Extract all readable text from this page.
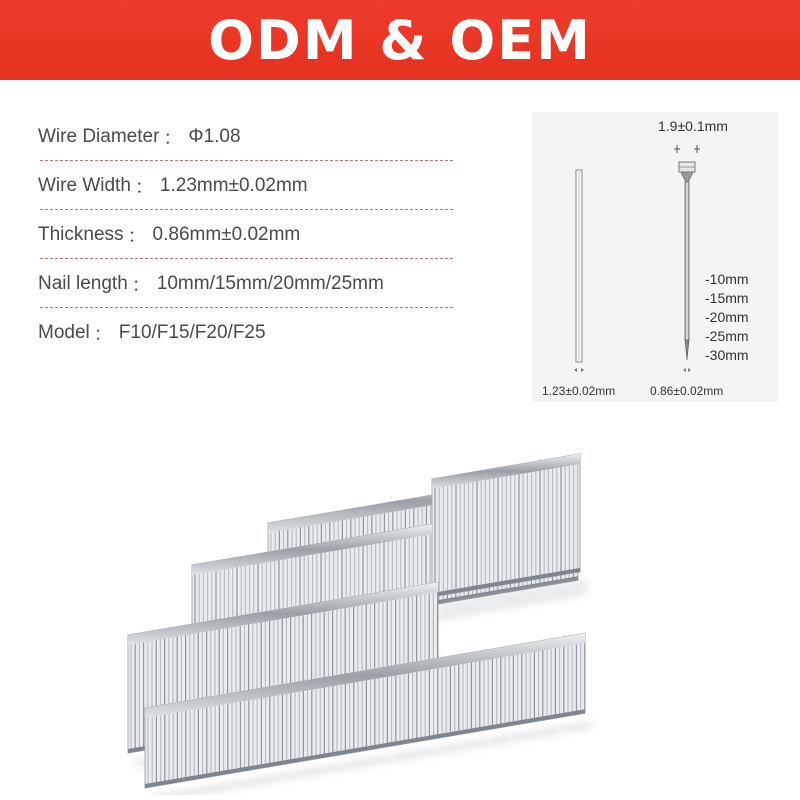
ODM & OEM
Wire Diameter ： Φ1.08
Wire Width ： 1.23mm±0.02mm
Thickness ： 0.86mm±0.02mm
Nail length ： 10mm/15mm/20mm/25mm
Model ： F10/F15/F20/F25
1.9±0.1mm
1.23±0.02mm	0.86±0.02mm
-10mm
-15mm
-20mm
-25mm
-30mm
